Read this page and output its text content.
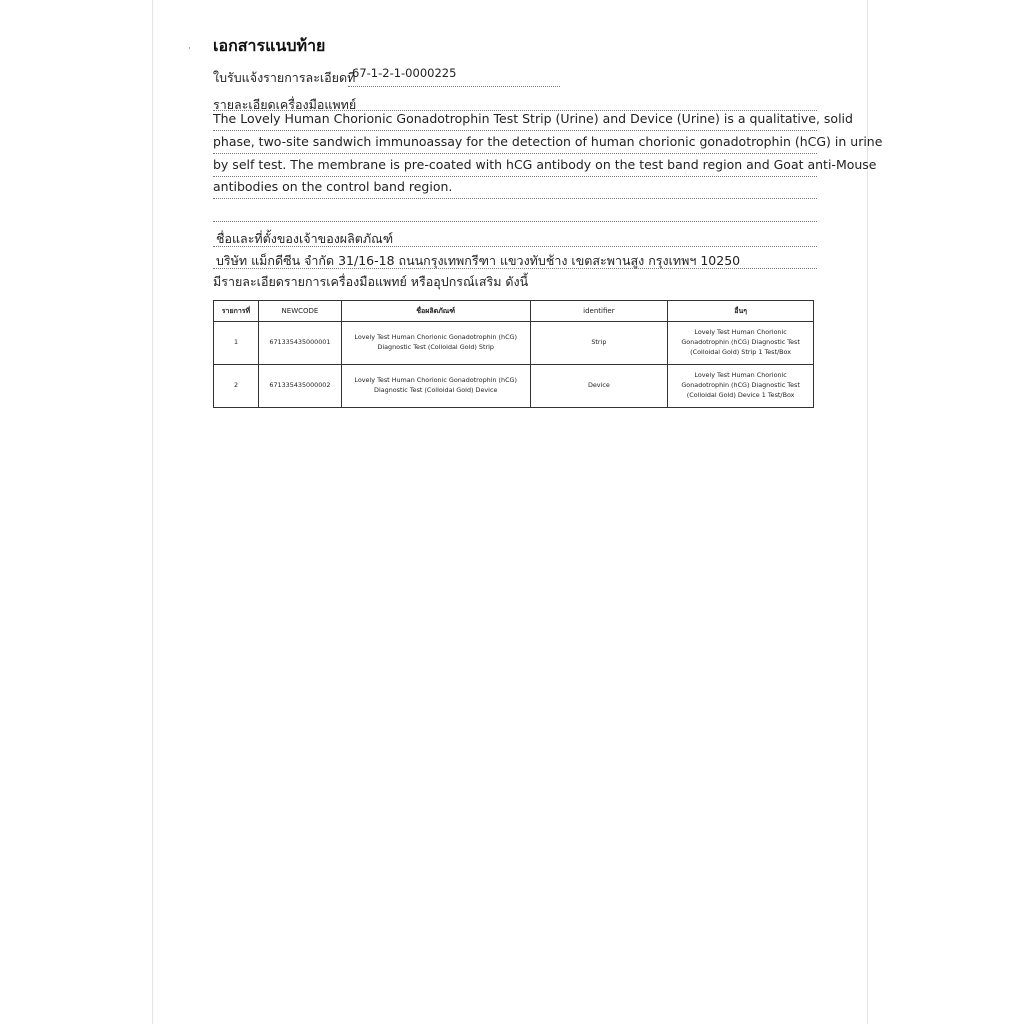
· เอกสารแนบท้าย
ใบรับแจ้งรายการละเอียดที่
67-1-2-1-0000225
รายละเอียดเครื่องมือแพทย์
The Lovely Human Chorionic Gonadotrophin Test Strip (Urine) and Device (Urine) is a qualitative, solid
phase, two-site sandwich immunoassay for the detection of human chorionic gonadotrophin (hCG) in urine
by self test. The membrane is pre-coated with hCG antibody on the test band region and Goat anti-Mouse
antibodies on the control band region.
ชื่อและที่ตั้งของเจ้าของผลิตภัณฑ์
บริษัท แม็กดีซีน จำกัด 31/16-18 ถนนกรุงเทพกรีฑา แขวงทับช้าง เขตสะพานสูง กรุงเทพฯ 10250
มีรายละเอียดรายการเครื่องมือแพทย์ หรืออุปกรณ์เสริม ดังนี้
รายการที่	NEWCODE	ชื่อผลิตภัณฑ์	identifier	อื่นๆ
1	671335435000001	Lovely Test Human Chorionic Gonadotrophin (hCG) Diagnostic Test (Colloidal Gold) Strip	Strip	Lovely Test Human Chorionic Gonadotrophin (hCG) Diagnostic Test (Colloidal Gold) Strip 1 Test/Box
2	671335435000002	Lovely Test Human Chorionic Gonadotrophin (hCG) Diagnostic Test (Colloidal Gold) Device	Device	Lovely Test Human Chorionic Gonadotrophin (hCG) Diagnostic Test (Colloidal Gold) Device 1 Test/Box
